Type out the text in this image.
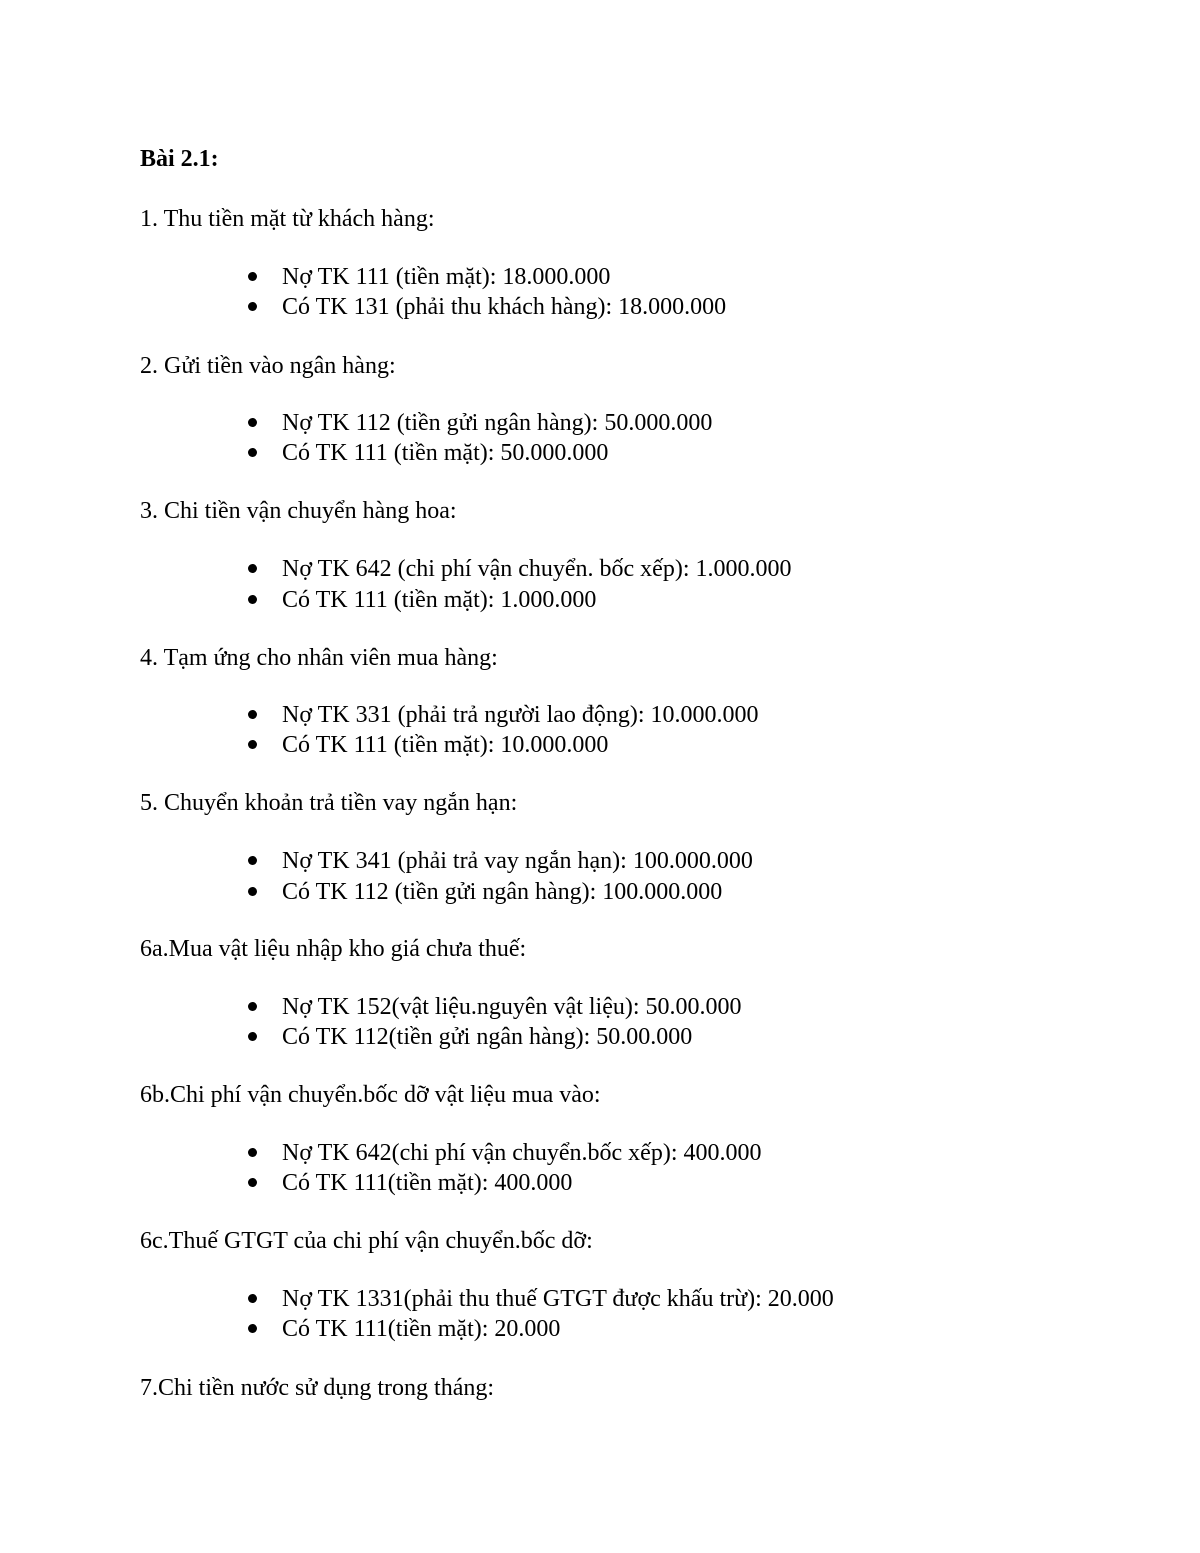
Bài 2.1:

1. Thu tiền mặt từ khách hàng:

Nợ TK 111 (tiền mặt): 18.000.000
Có TK 131 (phải thu khách hàng): 18.000.000

2. Gửi tiền vào ngân hàng:

Nợ TK 112 (tiền gửi ngân hàng): 50.000.000
Có TK 111 (tiền mặt): 50.000.000

3. Chi tiền vận chuyển hàng hoa:

Nợ TK 642 (chi phí vận chuyển. bốc xếp): 1.000.000
Có TK 111 (tiền mặt): 1.000.000

4. Tạm ứng cho nhân viên mua hàng:

Nợ TK 331 (phải trả người lao động): 10.000.000
Có TK 111 (tiền mặt): 10.000.000

5. Chuyển khoản trả tiền vay ngắn hạn:

Nợ TK 341 (phải trả vay ngắn hạn): 100.000.000
Có TK 112 (tiền gửi ngân hàng): 100.000.000

6a.Mua vật liệu nhập kho giá chưa thuế:

Nợ TK 152(vật liệu.nguyên vật liệu): 50.00.000
Có TK 112(tiền gửi ngân hàng): 50.00.000

6b.Chi phí vận chuyển.bốc dỡ vật liệu mua vào:

Nợ TK 642(chi phí vận chuyển.bốc xếp): 400.000
Có TK 111(tiền mặt): 400.000

6c.Thuế GTGT của chi phí vận chuyển.bốc dỡ:

Nợ TK 1331(phải thu thuế GTGT được khấu trừ): 20.000
Có TK 111(tiền mặt): 20.000

7.Chi tiền nước sử dụng trong tháng:
